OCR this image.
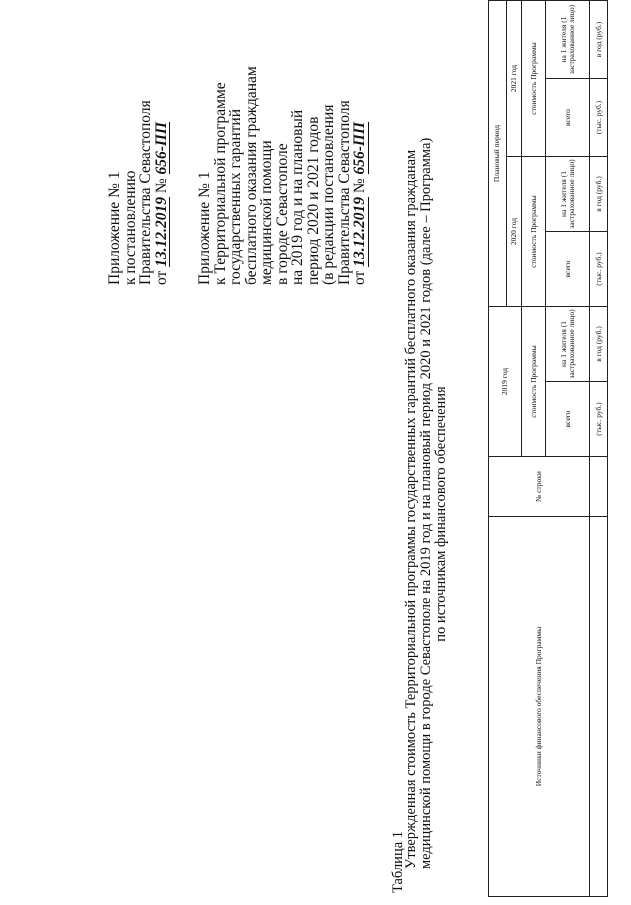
Приложение № 1
к постановлению
Правительства Севастополя
от 13.12.2019 № 656-ПП
Приложение № 1
к Территориальной программе
государственных гарантий
бесплатного оказания гражданам
медицинской помощи
в городе Севастополе
на 2019 год и на плановый
период 2020 и 2021 годов
(в редакции постановления
Правительства Севастополя
от 13.12.2019 № 656-ПП
Таблица 1
Утвержденная стоимость Территориальной программы государственных гарантий бесплатного оказания гражданам медицинской помощи в городе Севастополе на 2019 год и на плановый период 2020 и 2021 годов (далее – Программа) по источникам финансового обеспечения
Источники финансового обеспечения Программы	№ строки	2019 год		Плановый период			
				2020 год		2021 год	
		стоимость Программы		стоимость Программы		стоимость Программы	
		всего	на 1 жителя (1 застрахованное лицо)	всего	на 1 жителя (1 застрахованное лицо)	всего	на 1 жителя (1 застрахованное лицо)
		(тыс. руб.)	в год (руб.)	(тыс. руб.)	в год (руб.)	(тыс. руб.)	в год (руб.)
